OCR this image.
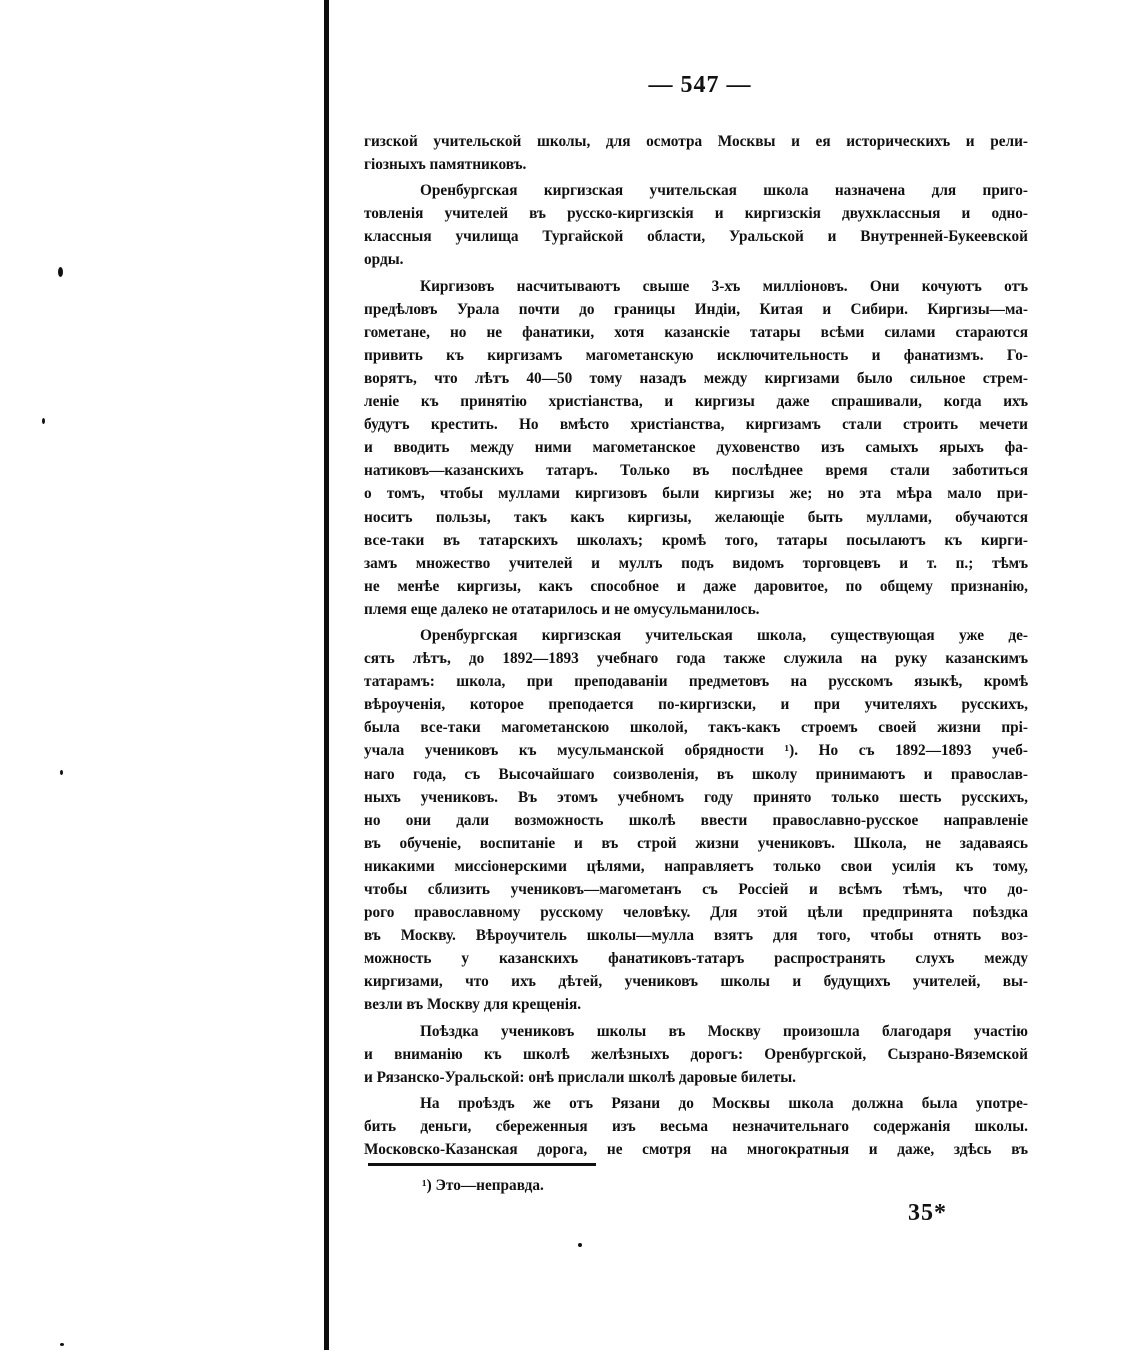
— 547 —
гизской учительской школы, для осмотра Москвы и ея историческихъ и рели-
гіозныхъ памятниковъ.
Оренбургская киргизская учительская школа назначена для приго-
товленія учителей въ русско-киргизскія и киргизскія двухклассныя и одно-
классныя училища Тургайской области, Уральской и Внутренней-Букеевской
орды.
Киргизовъ насчитываютъ свыше 3-хъ милліоновъ. Они кочуютъ отъ
предѣловъ Урала почти до границы Индіи, Китая и Сибири. Киргизы—ма-
гометане, но не фанатики, хотя казанскіе татары всѣми силами стараются
привить къ киргизамъ магометанскую исключительность и фанатизмъ. Го-
ворятъ, что лѣтъ 40—50 тому назадъ между киргизами было сильное стрем-
леніе къ принятію христіанства, и киргизы даже спрашивали, когда ихъ
будутъ крестить. Но вмѣсто христіанства, киргизамъ стали строить мечети
и вводить между ними магометанское духовенство изъ самыхъ ярыхъ фа-
натиковъ—казанскихъ татаръ. Только въ послѣднее время стали заботиться
о томъ, чтобы муллами киргизовъ были киргизы же; но эта мѣра мало при-
носитъ пользы, такъ какъ киргизы, желающіе быть муллами, обучаются
все-таки въ татарскихъ школахъ; кромѣ того, татары посылаютъ къ кирги-
замъ множество учителей и муллъ подъ видомъ торговцевъ и т. п.; тѣмъ
не менѣе киргизы, какъ способное и даже даровитое, по общему признанію,
племя еще далеко не отатарилось и не омусульманилось.
Оренбургская киргизская учительская школа, существующая уже де-
сять лѣтъ, до 1892—1893 учебнаго года также служила на руку казанскимъ
татарамъ: школа, при преподаваніи предметовъ на русскомъ языкѣ, кромѣ
вѣроученія, которое преподается по-киргизски, и при учителяхъ русскихъ,
была все-таки магометанскою школой, такъ-какъ строемъ своей жизни прі-
учала учениковъ къ мусульманской обрядности ¹). Но съ 1892—1893 учеб-
наго года, съ Высочайшаго соизволенія, въ школу принимаютъ и православ-
ныхъ учениковъ. Въ этомъ учебномъ году принято только шесть русскихъ,
но они дали возможность школѣ ввести православно-русское направленіе
въ обученіе, воспитаніе и въ строй жизни учениковъ. Школа, не задаваясь
никакими миссіонерскими цѣлями, направляетъ только свои усилія къ тому,
чтобы сблизить учениковъ—магометанъ съ Россіей и всѣмъ тѣмъ, что до-
рого православному русскому человѣку. Для этой цѣли предпринята поѣздка
въ Москву. Вѣроучитель школы—мулла взятъ для того, чтобы отнять воз-
можность у казанскихъ фанатиковъ-татаръ распространять слухъ между
киргизами, что ихъ дѣтей, учениковъ школы и будущихъ учителей, вы-
везли въ Москву для крещенія.
Поѣздка учениковъ школы въ Москву произошла благодаря участію
и вниманію къ школѣ желѣзныхъ дорогъ: Оренбургской, Сызрано-Вяземской
и Рязанско-Уральской: онѣ прислали школѣ даровые билеты.
На проѣздъ же отъ Рязани до Москвы школа должна была употре-
бить деньги, сбереженныя изъ весьма незначительнаго содержанія школы.
Московско-Казанская дорога, не смотря на многократныя и даже, здѣсь въ
¹) Это—неправда.
35*
